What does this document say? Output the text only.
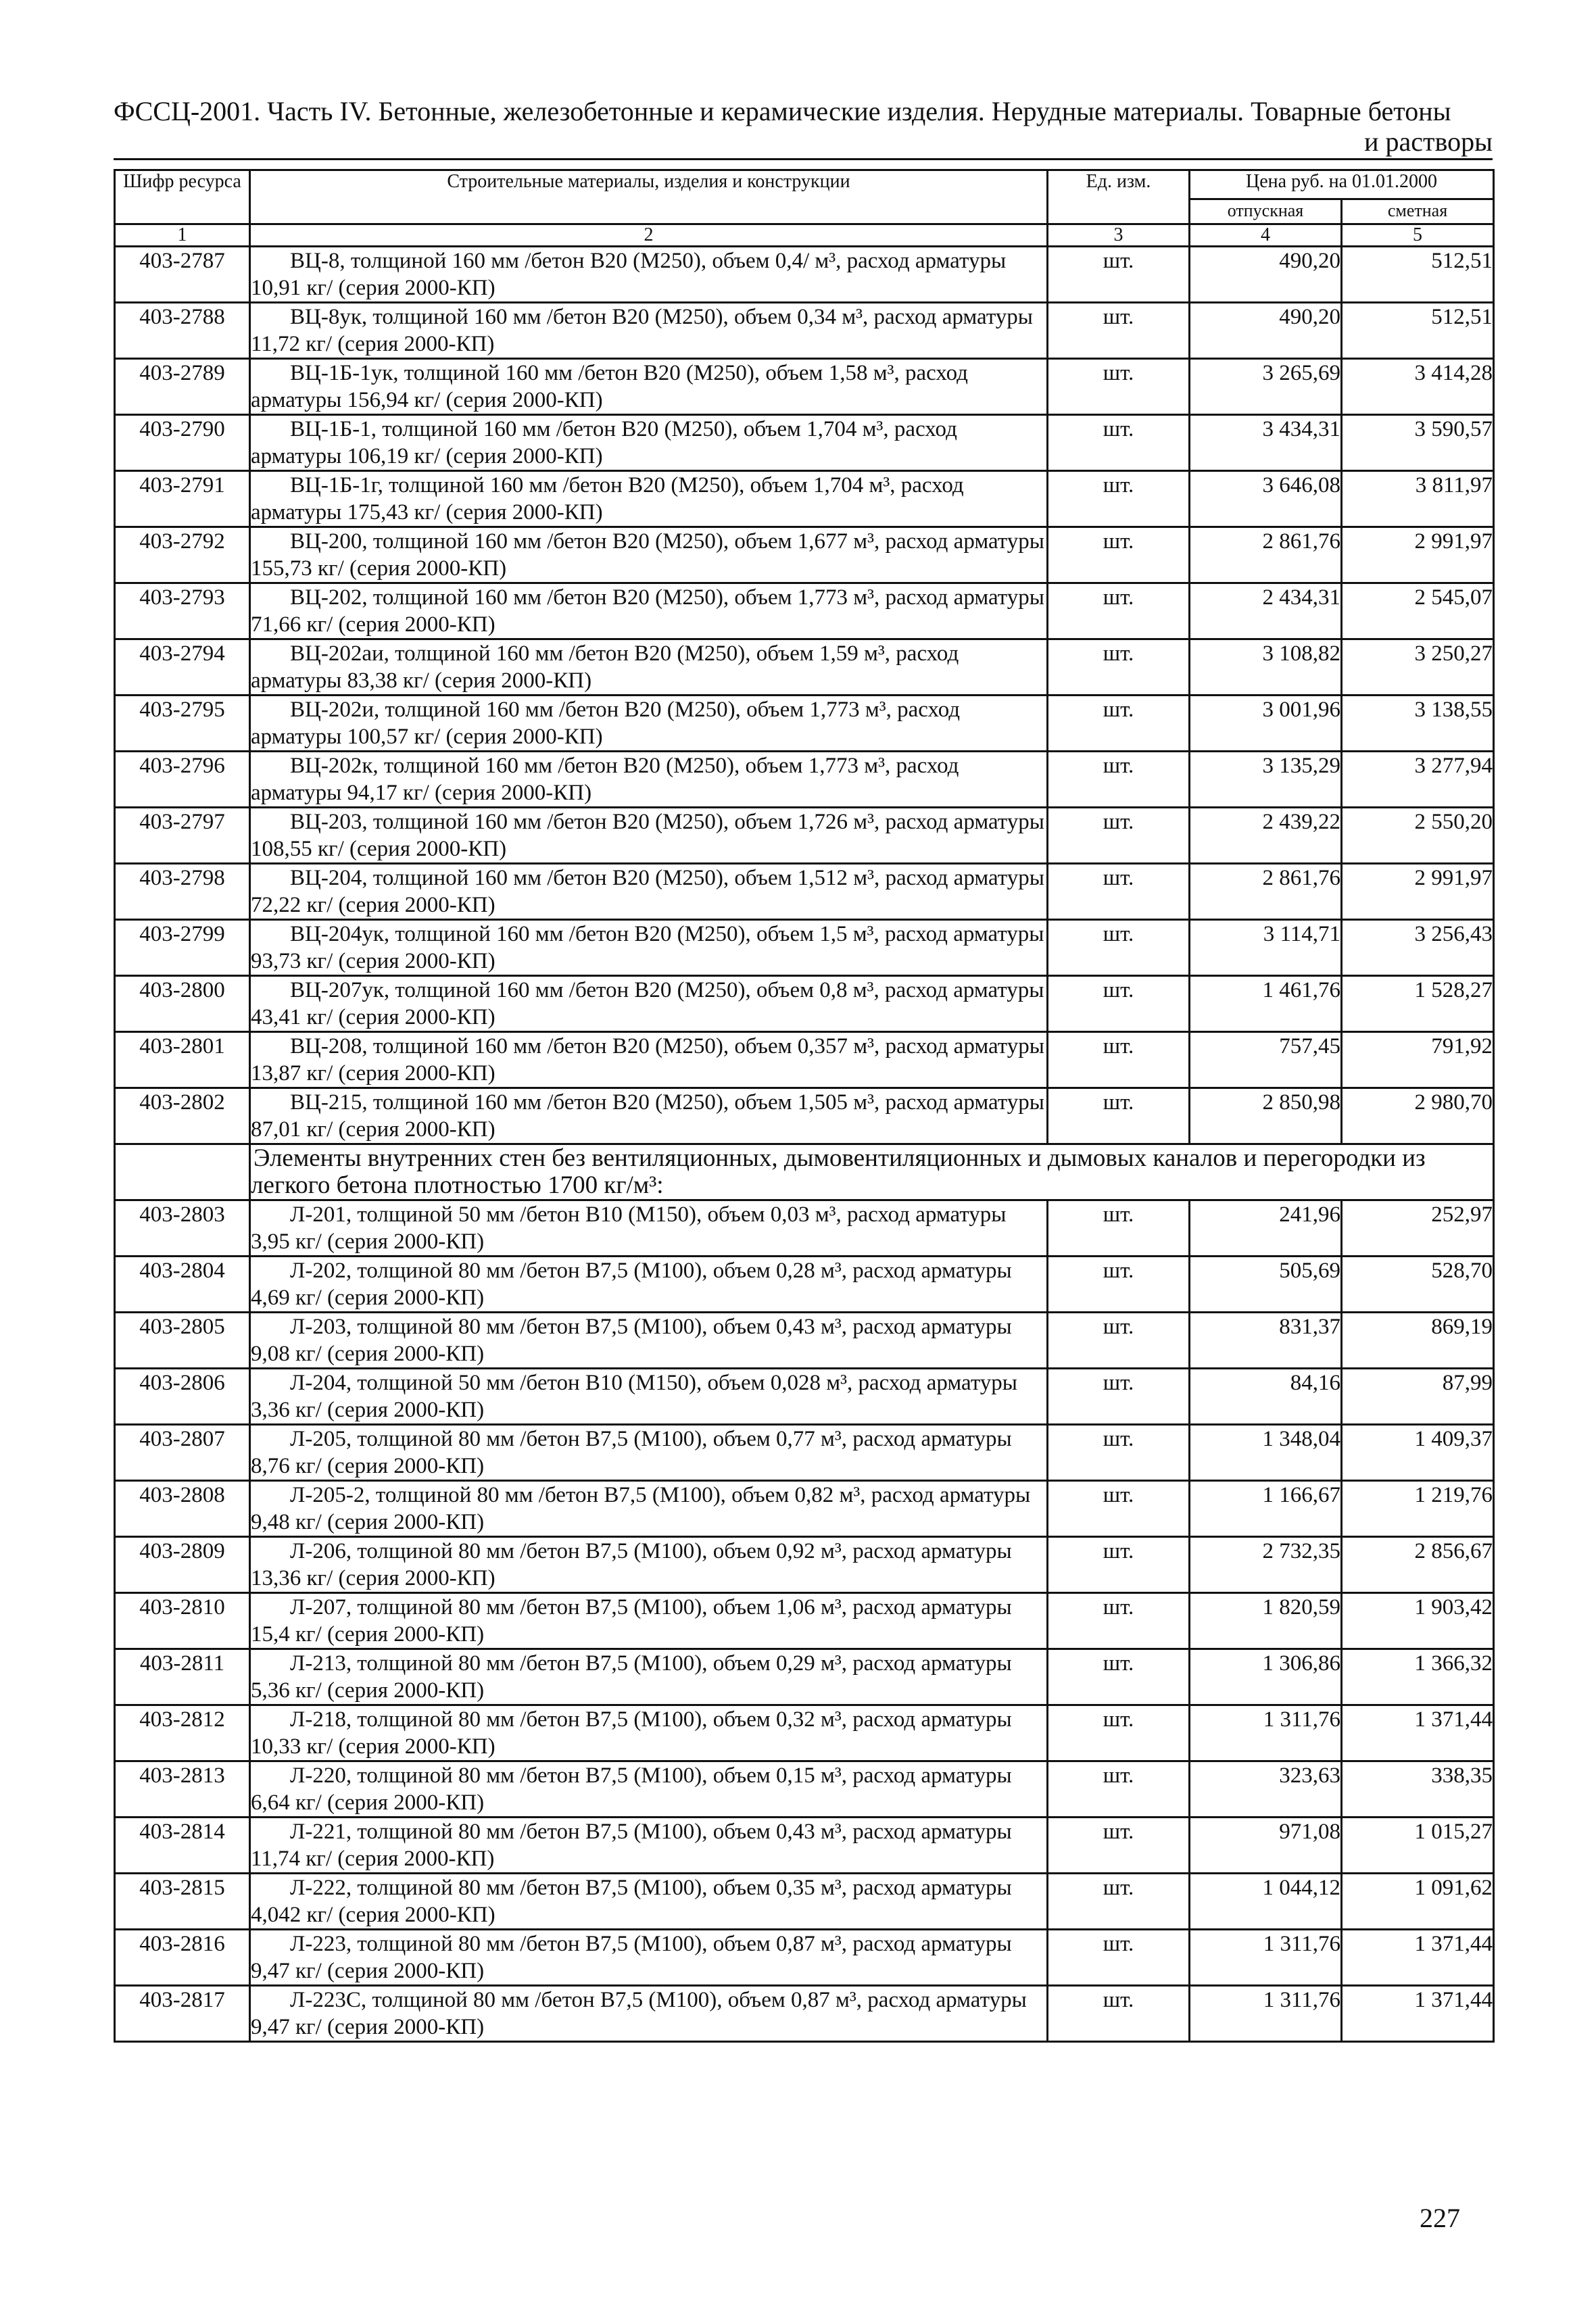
ФССЦ-2001. Часть IV. Бетонные, железобетонные и керамические изделия. Нерудные материалы. Товарные бетоны
и растворы
Шифр ресурса	Строительные материалы, изделия и конструкции	Ед. изм.	Цена руб. на 01.01.2000	
			отпускная	сметная
1	2	3	4	5
403-2787	ВЦ-8, толщиной 160 мм /бетон В20 (М250), объем 0,4/ м³, расход арматуры 10,91 кг/ (серия 2000-КП)	шт.	490,20	512,51
403-2788	ВЦ-8ук, толщиной 160 мм /бетон В20 (М250), объем 0,34 м³, расход арматуры 11,72 кг/ (серия 2000-КП)	шт.	490,20	512,51
403-2789	ВЦ-1Б-1ук, толщиной 160 мм /бетон В20 (М250), объем 1,58 м³, расход арматуры 156,94 кг/ (серия 2000-КП)	шт.	3 265,69	3 414,28
403-2790	ВЦ-1Б-1, толщиной 160 мм /бетон В20 (М250), объем 1,704 м³, расход арматуры 106,19 кг/ (серия 2000-КП)	шт.	3 434,31	3 590,57
403-2791	ВЦ-1Б-1г, толщиной 160 мм /бетон В20 (М250), объем 1,704 м³, расход арматуры 175,43 кг/ (серия 2000-КП)	шт.	3 646,08	3 811,97
403-2792	ВЦ-200, толщиной 160 мм /бетон В20 (М250), объем 1,677 м³, расход арматуры 155,73 кг/ (серия 2000-КП)	шт.	2 861,76	2 991,97
403-2793	ВЦ-202, толщиной 160 мм /бетон В20 (М250), объем 1,773 м³, расход арматуры 71,66 кг/ (серия 2000-КП)	шт.	2 434,31	2 545,07
403-2794	ВЦ-202аи, толщиной 160 мм /бетон В20 (М250), объем 1,59 м³, расход арматуры 83,38 кг/ (серия 2000-КП)	шт.	3 108,82	3 250,27
403-2795	ВЦ-202и, толщиной 160 мм /бетон В20 (М250), объем 1,773 м³, расход арматуры 100,57 кг/ (серия 2000-КП)	шт.	3 001,96	3 138,55
403-2796	ВЦ-202к, толщиной 160 мм /бетон В20 (М250), объем 1,773 м³, расход арматуры 94,17 кг/ (серия 2000-КП)	шт.	3 135,29	3 277,94
403-2797	ВЦ-203, толщиной 160 мм /бетон В20 (М250), объем 1,726 м³, расход арматуры 108,55 кг/ (серия 2000-КП)	шт.	2 439,22	2 550,20
403-2798	ВЦ-204, толщиной 160 мм /бетон В20 (М250), объем 1,512 м³, расход арматуры 72,22 кг/ (серия 2000-КП)	шт.	2 861,76	2 991,97
403-2799	ВЦ-204ук, толщиной 160 мм /бетон В20 (М250), объем 1,5 м³, расход арматуры 93,73 кг/ (серия 2000-КП)	шт.	3 114,71	3 256,43
403-2800	ВЦ-207ук, толщиной 160 мм /бетон В20 (М250), объем 0,8 м³, расход арматуры 43,41 кг/ (серия 2000-КП)	шт.	1 461,76	1 528,27
403-2801	ВЦ-208, толщиной 160 мм /бетон В20 (М250), объем 0,357 м³, расход арматуры 13,87 кг/ (серия 2000-КП)	шт.	757,45	791,92
403-2802	ВЦ-215, толщиной 160 мм /бетон В20 (М250), объем 1,505 м³, расход арматуры 87,01 кг/ (серия 2000-КП)	шт.	2 850,98	2 980,70
	Элементы внутренних стен без вентиляционных, дымовентиляционных и дымовых каналов и перегородки из легкого бетона плотностью 1700 кг/м³:			
403-2803	Л-201, толщиной 50 мм /бетон В10 (М150), объем 0,03 м³, расход арматуры 3,95 кг/ (серия 2000-КП)	шт.	241,96	252,97
403-2804	Л-202, толщиной 80 мм /бетон В7,5 (М100), объем 0,28 м³, расход арматуры 4,69 кг/ (серия 2000-КП)	шт.	505,69	528,70
403-2805	Л-203, толщиной 80 мм /бетон В7,5 (М100), объем 0,43 м³, расход арматуры 9,08 кг/ (серия 2000-КП)	шт.	831,37	869,19
403-2806	Л-204, толщиной 50 мм /бетон В10 (М150), объем 0,028 м³, расход арматуры 3,36 кг/ (серия 2000-КП)	шт.	84,16	87,99
403-2807	Л-205, толщиной 80 мм /бетон В7,5 (М100), объем 0,77 м³, расход арматуры 8,76 кг/ (серия 2000-КП)	шт.	1 348,04	1 409,37
403-2808	Л-205-2, толщиной 80 мм /бетон В7,5 (М100), объем 0,82 м³, расход арматуры 9,48 кг/ (серия 2000-КП)	шт.	1 166,67	1 219,76
403-2809	Л-206, толщиной 80 мм /бетон В7,5 (М100), объем 0,92 м³, расход арматуры 13,36 кг/ (серия 2000-КП)	шт.	2 732,35	2 856,67
403-2810	Л-207, толщиной 80 мм /бетон В7,5 (М100), объем 1,06 м³, расход арматуры 15,4 кг/ (серия 2000-КП)	шт.	1 820,59	1 903,42
403-2811	Л-213, толщиной 80 мм /бетон В7,5 (М100), объем 0,29 м³, расход арматуры 5,36 кг/ (серия 2000-КП)	шт.	1 306,86	1 366,32
403-2812	Л-218, толщиной 80 мм /бетон В7,5 (М100), объем 0,32 м³, расход арматуры 10,33 кг/ (серия 2000-КП)	шт.	1 311,76	1 371,44
403-2813	Л-220, толщиной 80 мм /бетон В7,5 (М100), объем 0,15 м³, расход арматуры 6,64 кг/ (серия 2000-КП)	шт.	323,63	338,35
403-2814	Л-221, толщиной 80 мм /бетон В7,5 (М100), объем 0,43 м³, расход арматуры 11,74 кг/ (серия 2000-КП)	шт.	971,08	1 015,27
403-2815	Л-222, толщиной 80 мм /бетон В7,5 (М100), объем 0,35 м³, расход арматуры 4,042 кг/ (серия 2000-КП)	шт.	1 044,12	1 091,62
403-2816	Л-223, толщиной 80 мм /бетон В7,5 (М100), объем 0,87 м³, расход арматуры 9,47 кг/ (серия 2000-КП)	шт.	1 311,76	1 371,44
403-2817	Л-223С, толщиной 80 мм /бетон В7,5 (М100), объем 0,87 м³, расход арматуры 9,47 кг/ (серия 2000-КП)	шт.	1 311,76	1 371,44
227
